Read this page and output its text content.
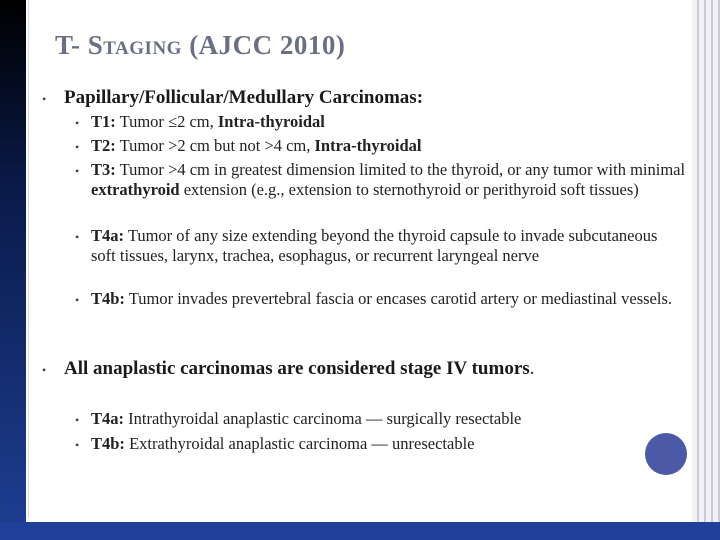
T- Staging (AJCC 2010)
• Papillary/Follicular/Medullary Carcinomas:
• T1: Tumor ≤2 cm, Intra-thyroidal
• T2: Tumor >2 cm but not >4 cm, Intra-thyroidal
• T3: Tumor >4 cm in greatest dimension limited to the thyroid, or any tumor with minimal extrathyroid extension (e.g., extension to sternothyroid or perithyroid soft tissues)
• T4a: Tumor of any size extending beyond the thyroid capsule to invade subcutaneous soft tissues, larynx, trachea, esophagus, or recurrent laryngeal nerve
• T4b: Tumor invades prevertebral fascia or encases carotid artery or mediastinal vessels.
• All anaplastic carcinomas are considered stage IV tumors.
• T4a: Intrathyroidal anaplastic carcinoma — surgically resectable
• T4b: Extrathyroidal anaplastic carcinoma — unresectable
